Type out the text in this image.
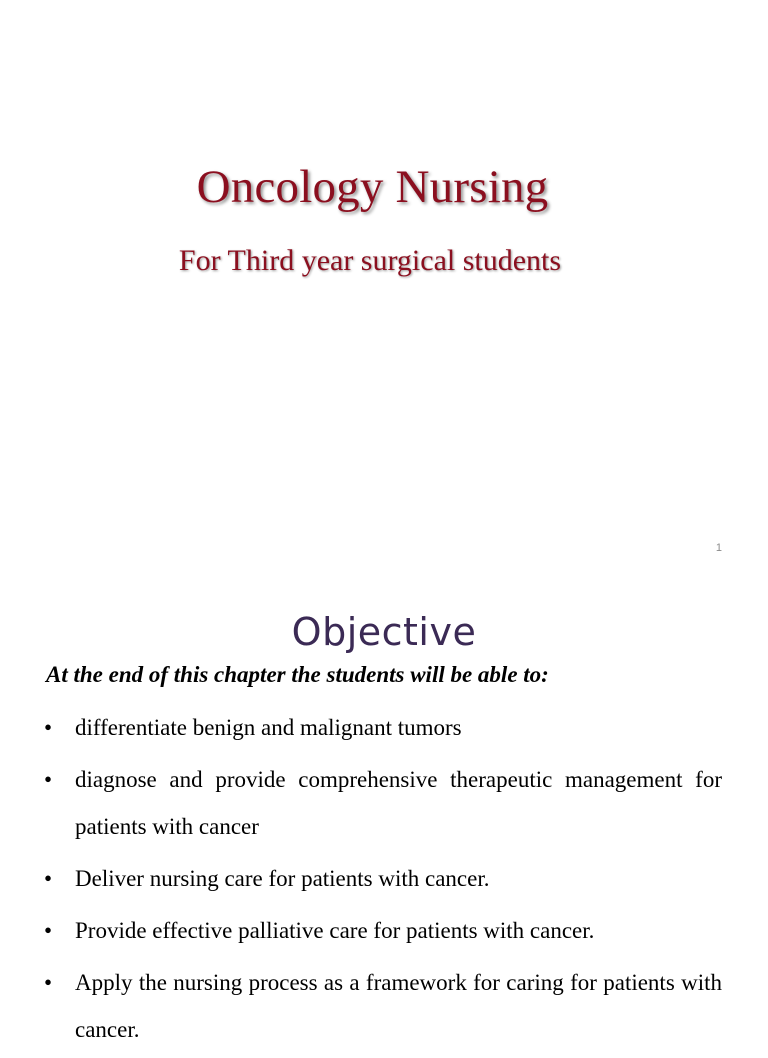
Oncology Nursing
For Third year surgical students
1
Objective

At the end of this chapter the students will be able to:

• differentiate benign and malignant tumors
• diagnose and provide comprehensive therapeutic management for patients with cancer
• Deliver nursing care for patients with cancer.
• Provide effective palliative care for patients with cancer.
• Apply the nursing process as a framework for caring for patients with cancer.
